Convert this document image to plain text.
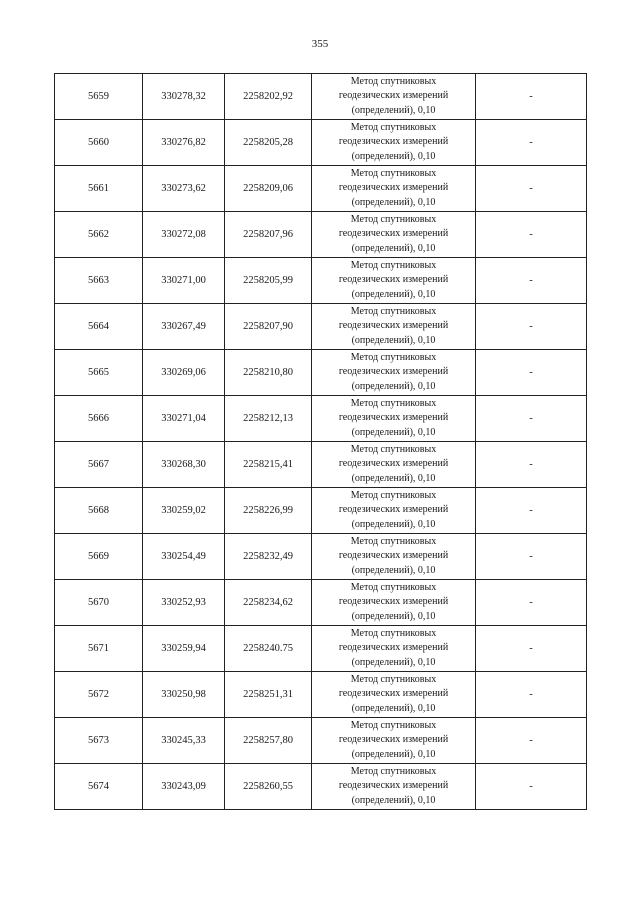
355
5659	330278,32	2258202,92	Метод спутниковых
геодезических измерений
(определений), 0,10	-
5660	330276,82	2258205,28	Метод спутниковых
геодезических измерений
(определений), 0,10	-
5661	330273,62	2258209,06	Метод спутниковых
геодезических измерений
(определений), 0,10	-
5662	330272,08	2258207,96	Метод спутниковых
геодезических измерений
(определений), 0,10	-
5663	330271,00	2258205,99	Метод спутниковых
геодезических измерений
(определений), 0,10	-
5664	330267,49	2258207,90	Метод спутниковых
геодезических измерений
(определений), 0,10	-
5665	330269,06	2258210,80	Метод спутниковых
геодезических измерений
(определений), 0,10	-
5666	330271,04	2258212,13	Метод спутниковых
геодезических измерений
(определений), 0,10	-
5667	330268,30	2258215,41	Метод спутниковых
геодезических измерений
(определений), 0,10	-
5668	330259,02	2258226,99	Метод спутниковых
геодезических измерений
(определений), 0,10	-
5669	330254,49	2258232,49	Метод спутниковых
геодезических измерений
(определений), 0,10	-
5670	330252,93	2258234,62	Метод спутниковых
геодезических измерений
(определений), 0,10	-
5671	330259,94	2258240.75	Метод спутниковых
геодезических измерений
(определений), 0,10	-
5672	330250,98	2258251,31	Метод спутниковых
геодезических измерений
(определений), 0,10	-
5673	330245,33	2258257,80	Метод спутниковых
геодезических измерений
(определений), 0,10	-
5674	330243,09	2258260,55	Метод спутниковых
геодезических измерений
(определений), 0,10	-
